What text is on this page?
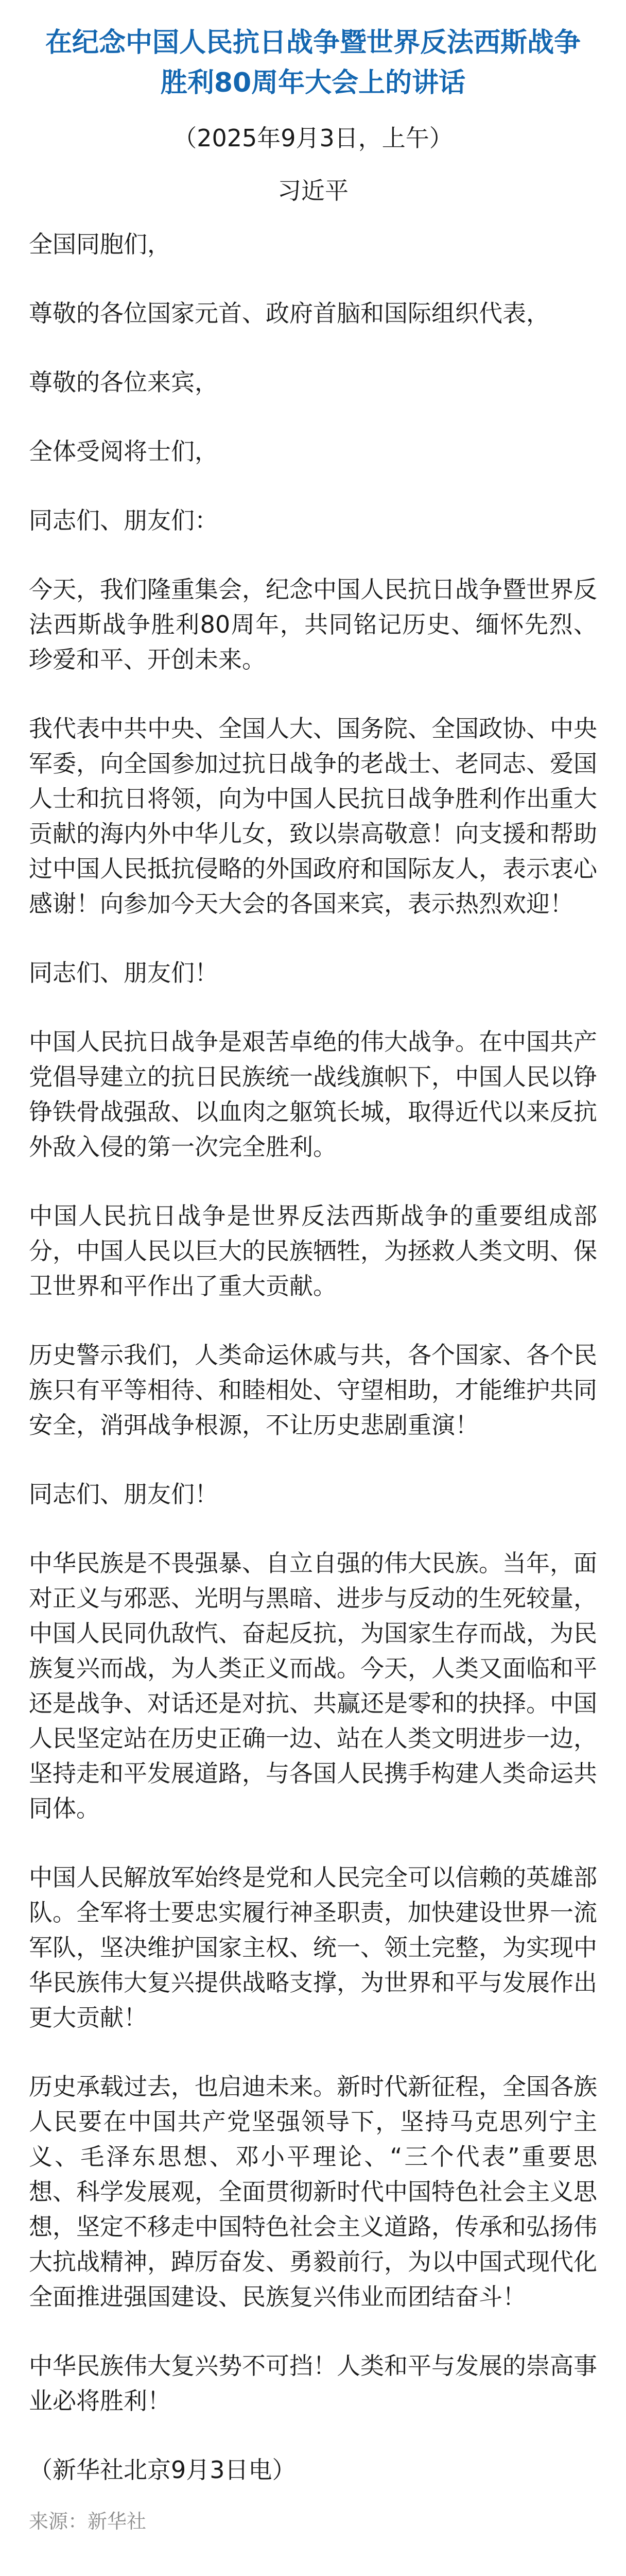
在纪念中国人民抗日战争暨世界反法西斯战争胜利80周年大会上的讲话
（2025年9月3日，上午）
习近平

全国同胞们，

尊敬的各位国家元首、政府首脑和国际组织代表，

尊敬的各位来宾，

全体受阅将士们，

同志们、朋友们：

今天，我们隆重集会，纪念中国人民抗日战争暨世界反法西斯战争胜利80周年，共同铭记历史、缅怀先烈、珍爱和平、开创未来。

我代表中共中央、全国人大、国务院、全国政协、中央军委，向全国参加过抗日战争的老战士、老同志、爱国人士和抗日将领，向为中国人民抗日战争胜利作出重大贡献的海内外中华儿女，致以崇高敬意！向支援和帮助过中国人民抵抗侵略的外国政府和国际友人，表示衷心感谢！向参加今天大会的各国来宾，表示热烈欢迎！

同志们、朋友们！

中国人民抗日战争是艰苦卓绝的伟大战争。在中国共产党倡导建立的抗日民族统一战线旗帜下，中国人民以铮铮铁骨战强敌、以血肉之躯筑长城，取得近代以来反抗外敌入侵的第一次完全胜利。

中国人民抗日战争是世界反法西斯战争的重要组成部分，中国人民以巨大的民族牺牲，为拯救人类文明、保卫世界和平作出了重大贡献。

历史警示我们，人类命运休戚与共，各个国家、各个民族只有平等相待、和睦相处、守望相助，才能维护共同安全，消弭战争根源，不让历史悲剧重演！

同志们、朋友们！

中华民族是不畏强暴、自立自强的伟大民族。当年，面对正义与邪恶、光明与黑暗、进步与反动的生死较量，中国人民同仇敌忾、奋起反抗，为国家生存而战，为民族复兴而战，为人类正义而战。今天，人类又面临和平还是战争、对话还是对抗、共赢还是零和的抉择。中国人民坚定站在历史正确一边、站在人类文明进步一边，坚持走和平发展道路，与各国人民携手构建人类命运共同体。

中国人民解放军始终是党和人民完全可以信赖的英雄部队。全军将士要忠实履行神圣职责，加快建设世界一流军队，坚决维护国家主权、统一、领土完整，为实现中华民族伟大复兴提供战略支撑，为世界和平与发展作出更大贡献！

历史承载过去，也启迪未来。新时代新征程，全国各族人民要在中国共产党坚强领导下，坚持马克思列宁主义、毛泽东思想、邓小平理论、“三个代表”重要思想、科学发展观，全面贯彻新时代中国特色社会主义思想，坚定不移走中国特色社会主义道路，传承和弘扬伟大抗战精神，踔厉奋发、勇毅前行，为以中国式现代化全面推进强国建设、民族复兴伟业而团结奋斗！

中华民族伟大复兴势不可挡！人类和平与发展的崇高事业必将胜利！

（新华社北京9月3日电）
来源：新华社
